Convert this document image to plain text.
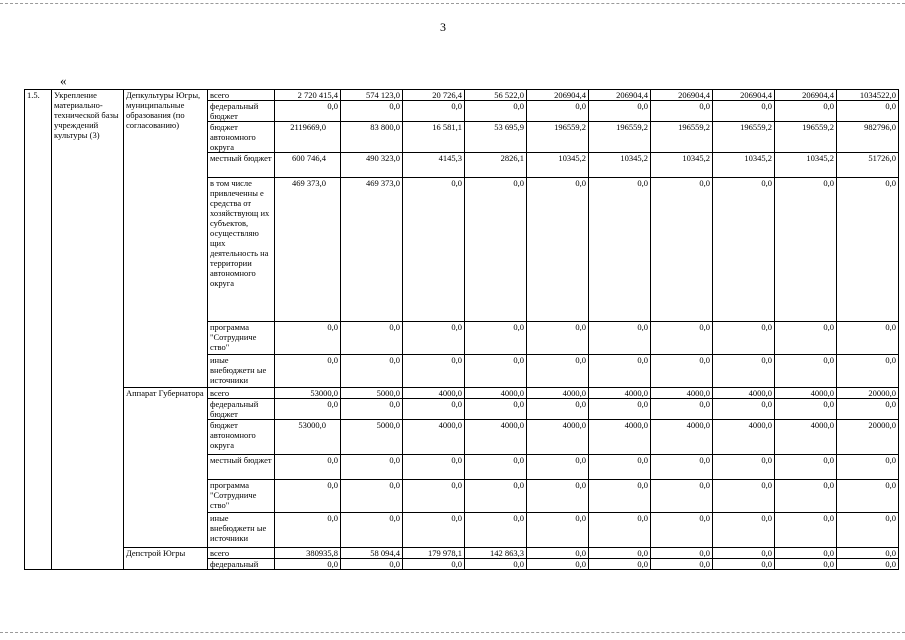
3
«
1.5.	Укрепление материально-технической базы учреждений культуры (3)	Депкультуры Югры, муниципальные образования (по согласованию)	всего	2 720 415,4	574 123,0	20 726,4	56 522,0	206904,4	206904,4	206904,4	206904,4	206904,4	1034522,0
			федеральный бюджет	0,0	0,0	0,0	0,0	0,0	0,0	0,0	0,0	0,0	0,0
			бюджет автономного округа	2119669,0	83 800,0	16 581,1	53 695,9	196559,2	196559,2	196559,2	196559,2	196559,2	982796,0
			местный бюджет	600 746,4	490 323,0	4145,3	2826,1	10345,2	10345,2	10345,2	10345,2	10345,2	51726,0
			в том числе привлеченны е средства от хозяйствующ их субъектов, осуществляю щих деятельность на территории автономного округа	469 373,0	469 373,0	0,0	0,0	0,0	0,0	0,0	0,0	0,0	0,0
			программа "Сотрудниче ство"	0,0	0,0	0,0	0,0	0,0	0,0	0,0	0,0	0,0	0,0
			иные внебюджетн ые источники	0,0	0,0	0,0	0,0	0,0	0,0	0,0	0,0	0,0	0,0
		Аппарат Губернатора	всего	53000,0	5000,0	4000,0	4000,0	4000,0	4000,0	4000,0	4000,0	4000,0	20000,0
			федеральный бюджет	0,0	0,0	0,0	0,0	0,0	0,0	0,0	0,0	0,0	0,0
			бюджет автономного округа	53000,0	5000,0	4000,0	4000,0	4000,0	4000,0	4000,0	4000,0	4000,0	20000,0
			местный бюджет	0,0	0,0	0,0	0,0	0,0	0,0	0,0	0,0	0,0	0,0
			программа "Сотрудниче ство"	0,0	0,0	0,0	0,0	0,0	0,0	0,0	0,0	0,0	0,0
			иные внебюджетн ые источники	0,0	0,0	0,0	0,0	0,0	0,0	0,0	0,0	0,0	0,0
		Депстрой Югры	всего	380935,8	58 094,4	179 978,1	142 863,3	0,0	0,0	0,0	0,0	0,0	0,0
			федеральный	0,0	0,0	0,0	0,0	0,0	0,0	0,0	0,0	0,0	0,0
